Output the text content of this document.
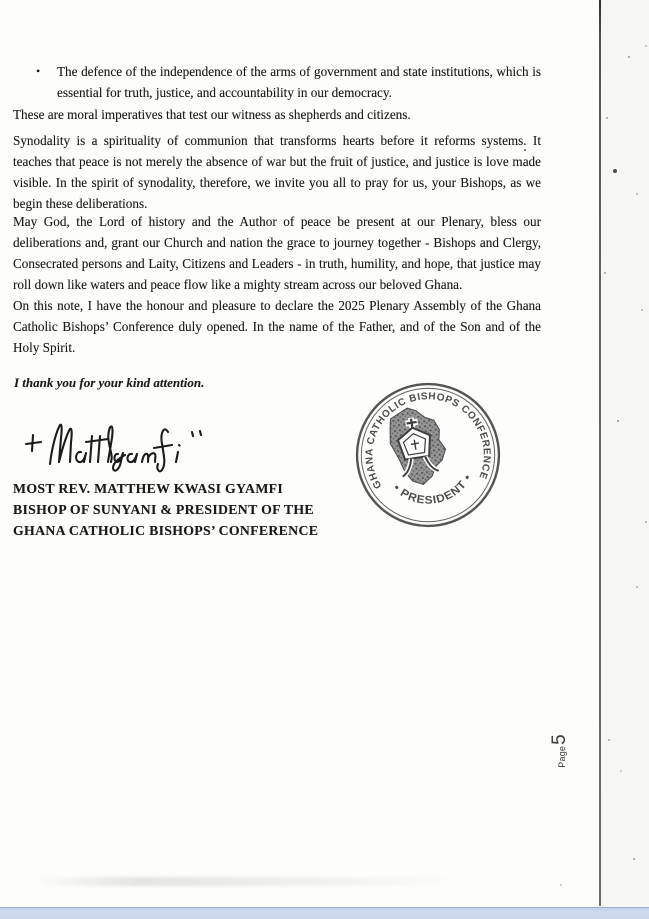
•	The defence of the independence of the arms of government and state institutions, which is essential for truth, justice, and accountability in our democracy.

These are moral imperatives that test our witness as shepherds and citizens.

Synodality is a spirituality of communion that transforms hearts before it reforms systems. It teaches that peace is not merely the absence of war but the fruit of justice, and justice is love made visible. In the spirit of synodality, therefore, we invite you all to pray for us, your Bishops, as we begin these deliberations.

May God, the Lord of history and the Author of peace be present at our Plenary, bless our deliberations and, grant our Church and nation the grace to journey together - Bishops and Clergy, Consecrated persons and Laity, Citizens and Leaders - in truth, humility, and hope, that justice may roll down like waters and peace flow like a mighty stream across our beloved Ghana.

On this note, I have the honour and pleasure to declare the 2025 Plenary Assembly of the Ghana Catholic Bishops’ Conference duly opened. In the name of the Father, and of the Son and of the Holy Spirit.

I thank you for your kind attention.

MOST REV. MATTHEW KWASI GYAMFI
BISHOP OF SUNYANI & PRESIDENT OF THE
GHANA CATHOLIC BISHOPS’ CONFERENCE
GHANA CATHOLIC BISHOPS CONFERENCE
• PRESIDENT •
Page
5
